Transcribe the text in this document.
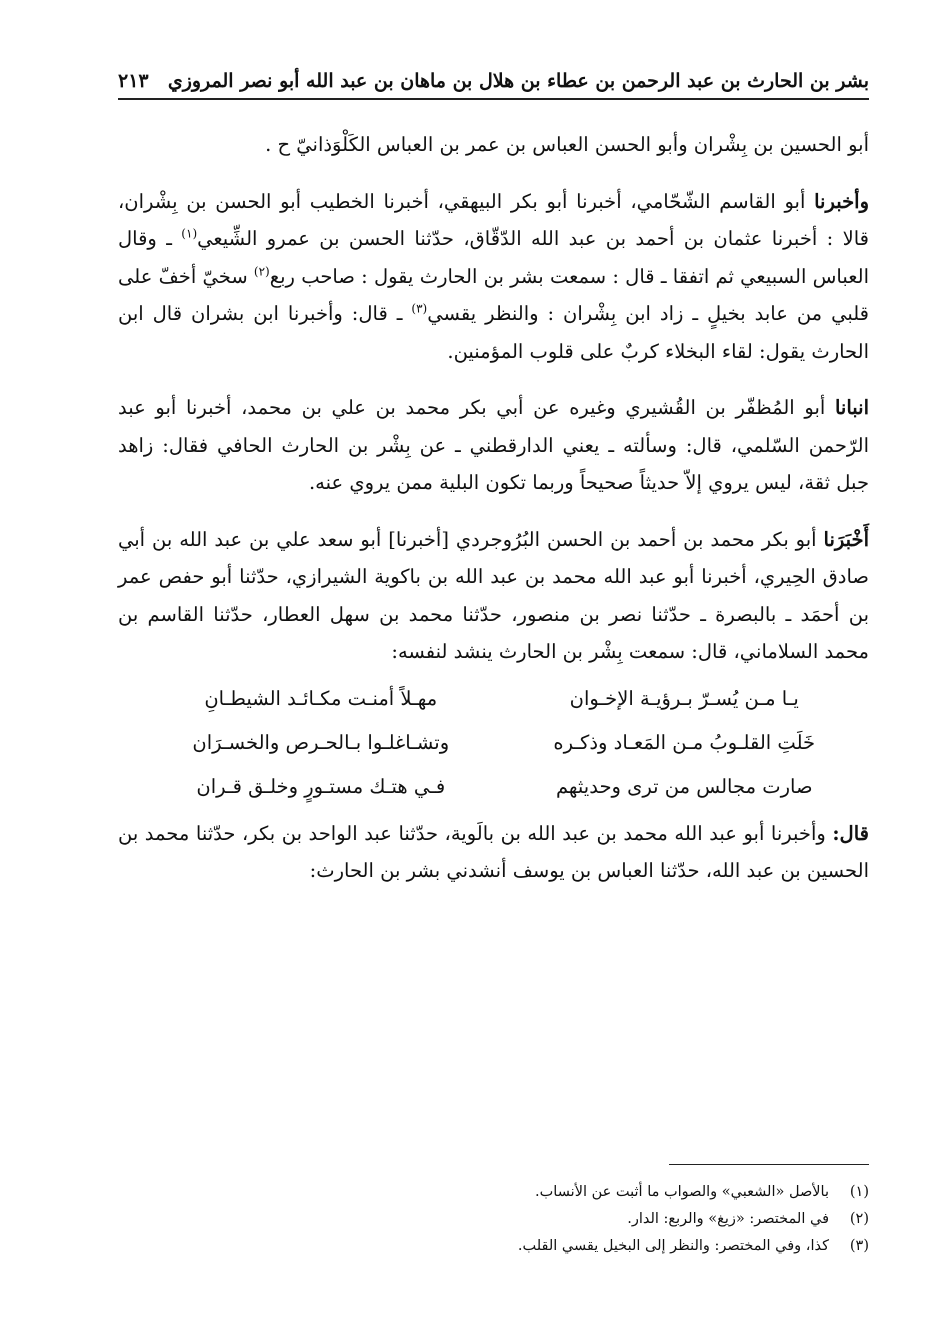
بشر بن الحارث بن عبد الرحمن بن عطاء بن هلال بن ماهان بن عبد الله أبو نصر المروزي
٢١٣

أبو الحسين بن بِشْران وأبو الحسن العباس بن عمر بن العباس الكَلْوَذانيّ ح .

وأخبرنا أبو القاسم الشّحّامي، أخبرنا أبو بكر البيهقي، أخبرنا الخطيب أبو الحسن بن بِشْران، قالا : أخبرنا عثمان بن أحمد بن عبد الله الدّقّاق، حدّثنا الحسن بن عمرو الشِّيعي$^{(١)}$ ـ وقال العباس السبيعي ثم اتفقا ـ قال : سمعت بشر بن الحارث يقول : صاحب ربع$^{(٢)}$ سخيّ أخفّ على قلبي من عابد بخيلٍ ـ زاد ابن بِشْران : والنظر يقسي$^{(٣)}$ ـ قال: وأخبرنا ابن بشران قال ابن الحارث يقول: لقاء البخلاء كربٌ على قلوب المؤمنين.

انبانا أبو المُظفّر بن القُشيري وغيره عن أبي بكر محمد بن علي بن محمد، أخبرنا أبو عبد الرّحمن السّلمي، قال: وسألته ـ يعني الدارقطني ـ عن بِشْر بن الحارث الحافي فقال: زاهد جبل ثقة، ليس يروي إلاّ حديثاً صحيحاً وربما تكون البلية ممن يروي عنه.

أَخْبَرَنا أبو بكر محمد بن أحمد بن الحسن البُرُوجردي [أخبرنا] أبو سعد علي بن عبد الله بن أبي صادق الحِيري، أخبرنا أبو عبد الله محمد بن عبد الله بن باكوية الشيرازي، حدّثنا أبو حفص عمر بن أحمَد ـ بالبصرة ـ حدّثنا نصر بن منصور، حدّثنا محمد بن سهل العطار، حدّثنا القاسم بن محمد السلاماني، قال: سمعت بِشْر بن الحارث ينشد لنفسه:

يـا مـن يُسـرّ بـرؤيـة الإخـوان
مهـلاً أمنـت مكـائـد الشيطـانِ
خَلَتِ القلـوبُ مـن المَعـاد وذكـره
وتشـاغلـوا بـالحـرص والخسـرَان
صارت مجالس من ترى وحديثهم
فـي هتـك مستـورٍ وخلـق قـران

قال: وأخبرنا أبو عبد الله محمد بن عبد الله بن بالَوية، حدّثنا عبد الواحد بن بكر، حدّثنا محمد بن الحسين بن عبد الله، حدّثنا العباس بن يوسف أنشدني بشر بن الحارث:

(١)
بالأصل «الشعبي» والصواب ما أثبت عن الأنساب.
(٢)
في المختصر: «زيغ» والربع: الدار.
(٣)
كذا، وفي المختصر: والنظر إلى البخيل يقسي القلب.
